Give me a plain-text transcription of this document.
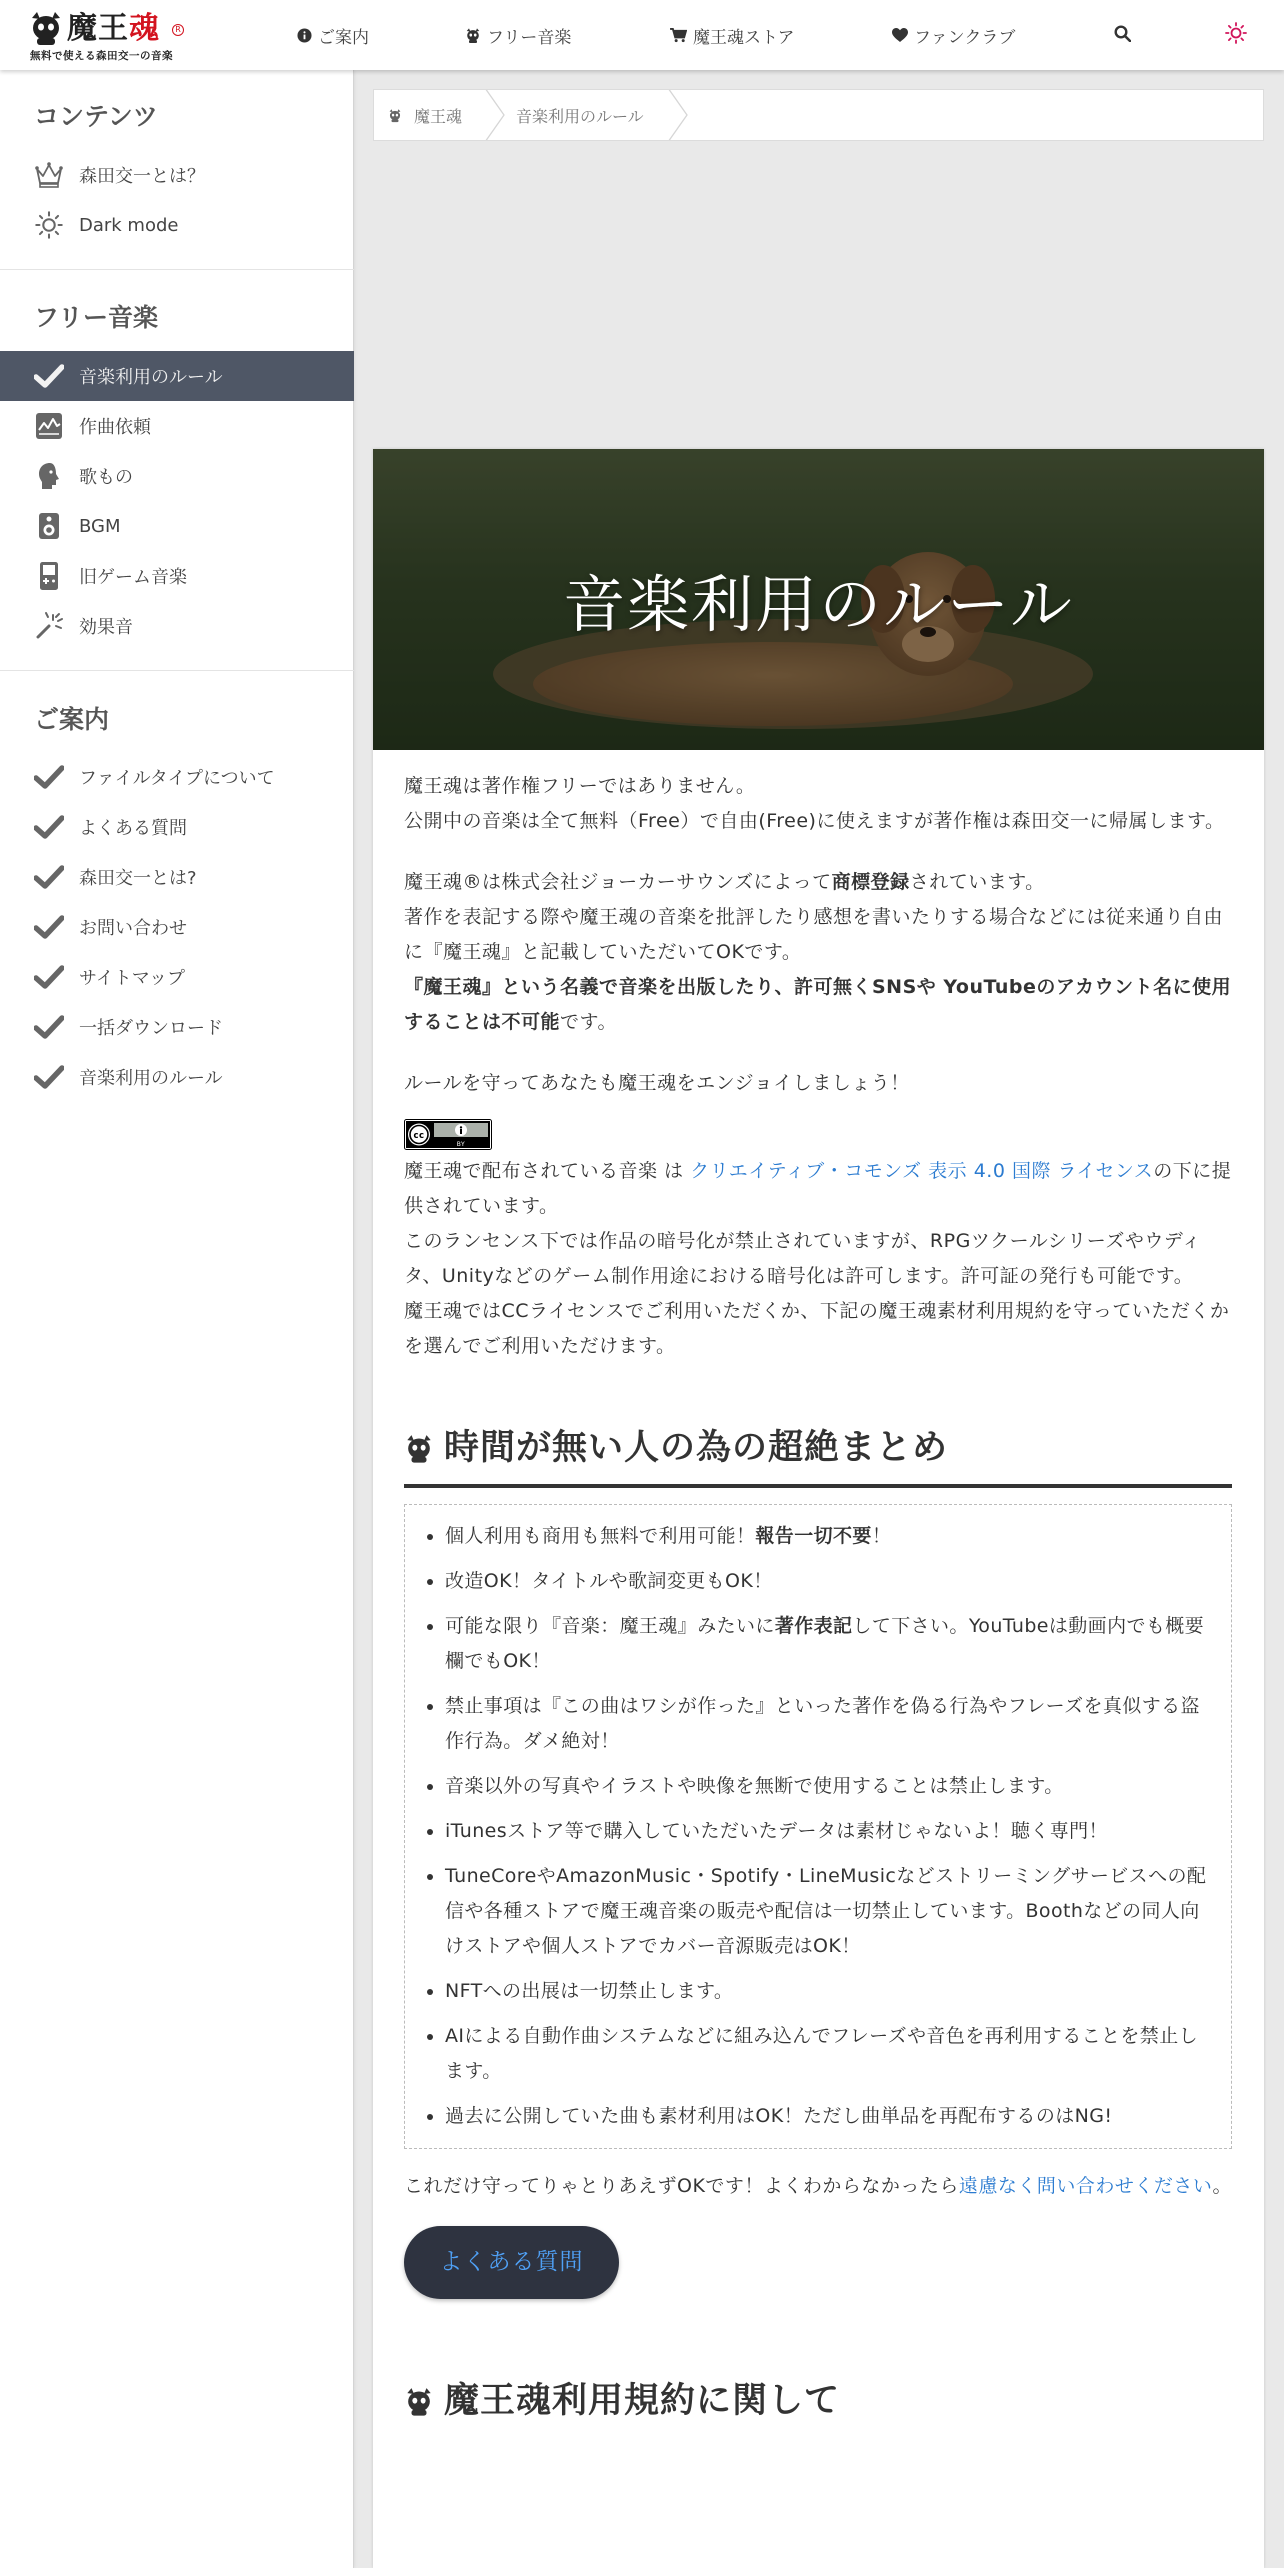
魔王魂	R
無料で使える森田交一の音楽
ご案内	フリー音楽	魔王魂ストア	ファンクラブ
コンテンツ
森田交一とは？
Dark mode
フリー音楽
音楽利用のルール
作曲依頼
歌もの
BGM
旧ゲーム音楽
効果音
ご案内
ファイルタイプについて
よくある質問
森田交一とは?
お問い合わせ
サイトマップ
一括ダウンロード
音楽利用のルール
魔王魂	音楽利用のルール
音楽利用のルール

魔王魂は著作権フリーではありません。
公開中の音楽は全て無料（Free）で自由(Free)に使えますが著作権は森田交一に帰属します。

魔王魂®は株式会社ジョーカーサウンズによって商標登録されています。
著作を表記する際や魔王魂の音楽を批評したり感想を書いたりする場合などには従来通り自由に『魔王魂』と記載していただいてOKです。
『魔王魂』という名義で音楽を出版したり、許可無くSNSや YouTubeのアカウント名に使用することは不可能です。

ルールを守ってあなたも魔王魂をエンジョイしましょう！

cc
BY

魔王魂で配布されている音楽 は クリエイティブ・コモンズ 表示 4.0 国際 ライセンスの下に提供されています。
このランセンス下では作品の暗号化が禁止されていますが、RPGツクールシリーズやウディタ、Unityなどのゲーム制作用途における暗号化は許可します。許可証の発行も可能です。
魔王魂ではCCライセンスでご利用いただくか、下記の魔王魂素材利用規約を守っていただくかを選んでご利用いただけます。

時間が無い人の為の超絶まとめ
• 個人利用も商用も無料で利用可能！報告一切不要！
• 改造OK！タイトルや歌詞変更もOK！
• 可能な限り『音楽：魔王魂』みたいに著作表記して下さい。YouTubeは動画内でも概要欄でもOK！
• 禁止事項は『この曲はワシが作った』といった著作を偽る行為やフレーズを真似する盗作行為。ダメ絶対！
• 音楽以外の写真やイラストや映像を無断で使用することは禁止します。
• iTunesストア等で購入していただいたデータは素材じゃないよ！聴く専門！
• TuneCoreやAmazonMusic・Spotify・LineMusicなどストリーミングサービスへの配信や各種ストアで魔王魂音楽の販売や配信は一切禁止しています。Boothなどの同人向けストアや個人ストアでカバー音源販売はOK！
• NFTへの出展は一切禁止します。
• AIによる自動作曲システムなどに組み込んでフレーズや音色を再利用することを禁止します。
• 過去に公開していた曲も素材利用はOK！ただし曲単品を再配布するのはNG!

これだけ守ってりゃとりあえずOKです！よくわからなかったら遠慮なく問い合わせください。

よくある質問
魔王魂利用規約に関して
